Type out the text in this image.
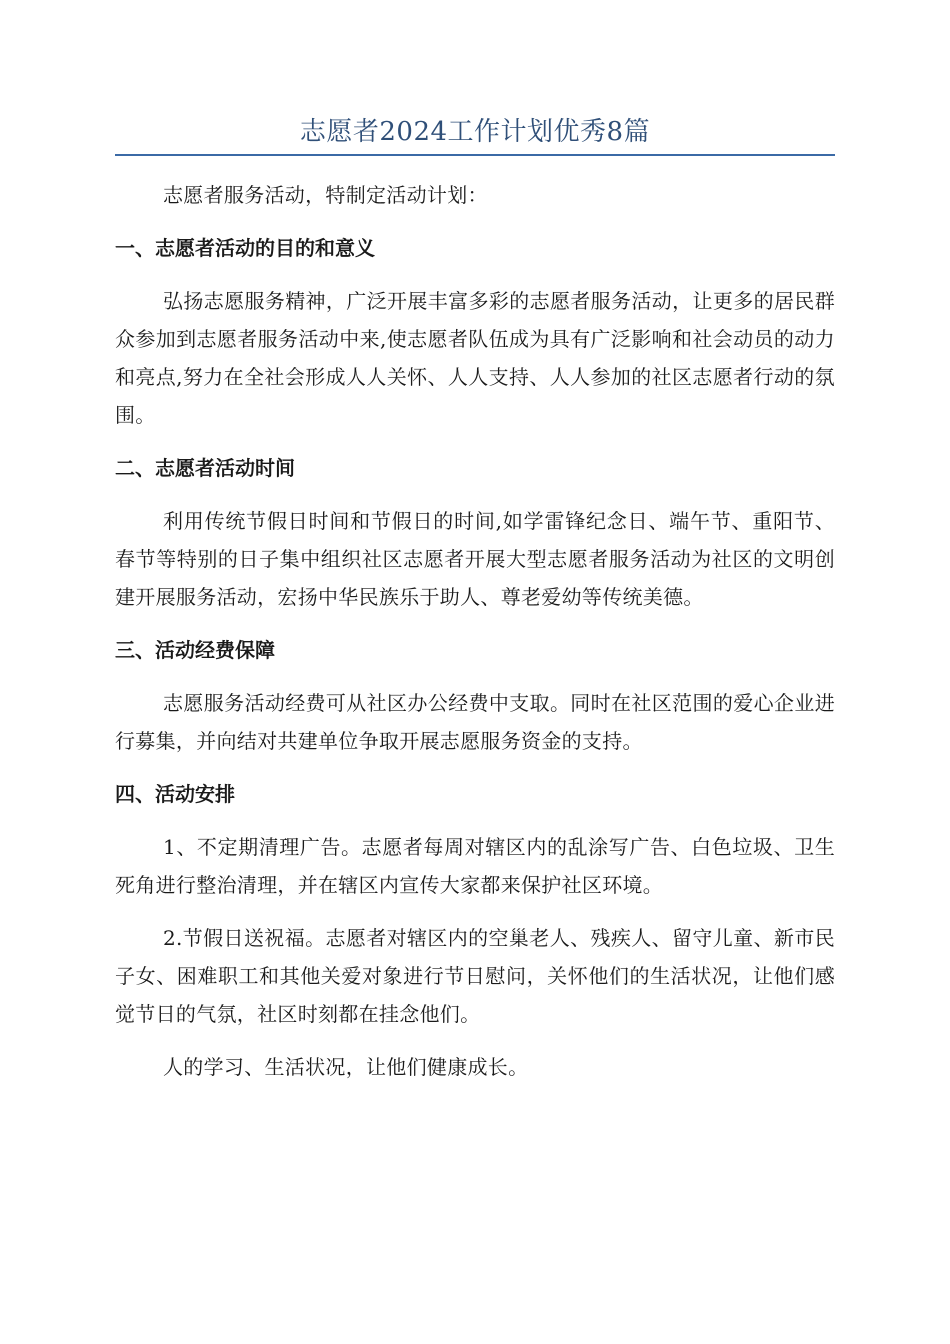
志愿者2024工作计划优秀8篇

志愿者服务活动，特制定活动计划：

一、志愿者活动的目的和意义

弘扬志愿服务精神，广泛开展丰富多彩的志愿者服务活动，让更多的居民群众参加到志愿者服务活动中来,使志愿者队伍成为具有广泛影响和社会动员的动力和亮点,努力在全社会形成人人关怀、人人支持、人人参加的社区志愿者行动的氛围。

二、志愿者活动时间

利用传统节假日时间和节假日的时间,如学雷锋纪念日、端午节、重阳节、春节等特别的日子集中组织社区志愿者开展大型志愿者服务活动为社区的文明创建开展服务活动，宏扬中华民族乐于助人、尊老爱幼等传统美德。

三、活动经费保障

志愿服务活动经费可从社区办公经费中支取。同时在社区范围的爱心企业进行募集，并向结对共建单位争取开展志愿服务资金的支持。

四、活动安排

1、不定期清理广告。志愿者每周对辖区内的乱涂写广告、白色垃圾、卫生死角进行整治清理，并在辖区内宣传大家都来保护社区环境。

2.节假日送祝福。志愿者对辖区内的空巢老人、残疾人、留守儿童、新市民子女、困难职工和其他关爱对象进行节日慰问，关怀他们的生活状况，让他们感觉节日的气氛，社区时刻都在挂念他们。

人的学习、生活状况，让他们健康成长。
